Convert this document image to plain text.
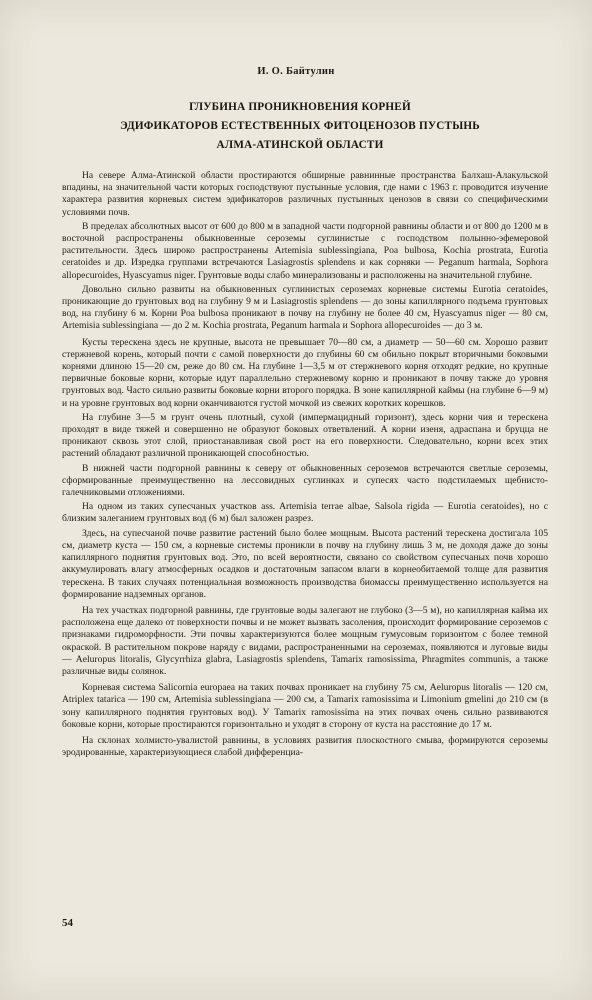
И. О. Байтулин
ГЛУБИНА ПРОНИКНОВЕНИЯ КОРНЕЙ
ЭДИФИКАТОРОВ ЕСТЕСТВЕННЫХ ФИТОЦЕНОЗОВ ПУСТЫНЬ
АЛМА-АТИНСКОЙ ОБЛАСТИ

На севере Алма-Атинской области простираются обширные равнинные пространства Балхаш-Алакульской впадины, на значительной части которых господствуют пустынные условия, где нами с 1963 г. проводится изучение характера развития корневых систем эдификаторов различных пустынных ценозов в связи со специфическими условиями почв.

В пределах абсолютных высот от 600 до 800 м в западной части подгорной равнины области и от 800 до 1200 м в восточной распространены обыкновенные сероземы суглинистые с господством полынно-эфемеровой растительности. Здесь широко распространены Artemisia sublessingiana, Poa bulbosa, Kochia prostrata, Eurotia ceratoides и др. Изредка группами встречаются Lasiagrostis splendens и как сорняки — Peganum harmala, Sophora allopecuroides, Hyascyamus niger. Грунтовые воды слабо минерализованы и расположены на значительной глубине.

Довольно сильно развиты на обыкновенных суглинистых сероземах корневые системы Eurotia ceratoides, проникающие до грунтовых вод на глубину 9 м и Lasiagrostis splendens — до зоны капиллярного подъема грунтовых вод, на глубину 6 м. Корни Poa bulbosa проникают в почву на глубину не более 40 см, Hyascyamus niger — 80 см, Artemisia sublessingiana — до 2 м. Kochia prostrata, Peganum harmala и Sophora allopecuroides — до 3 м.

Кусты терескена здесь не крупные, высота не превышает 70—80 см, а диаметр — 50—60 см. Хорошо развит стержневой корень, который почти с самой поверхности до глубины 60 см обильно покрыт вторичными боковыми корнями длиною 15—20 см, реже до 80 см. На глубине 1—3,5 м от стержневого корня отходят редкие, но крупные первичные боковые корни, которые идут параллельно стержневому корню и проникают в почву также до уровня грунтовых вод. Часто сильно развиты боковые корни второго порядка. В зоне капиллярной каймы (на глубине 6—9 м) и на уровне грунтовых вод корни оканчиваются густой мочкой из свежих коротких корешков.

На глубине 3—5 м грунт очень плотный, сухой (импермацидный горизонт), здесь корни чия и терескена проходят в виде тяжей и совершенно не образуют боковых ответвлений. А корни изеня, адраспана и бруцца не проникают сквозь этот слой, приостанавливая свой рост на его поверхности. Следовательно, корни всех этих растений обладают различной проникающей способностью.

В нижней части подгорной равнины к северу от обыкновенных сероземов встречаются светлые сероземы, сформированные преимущественно на лессовидных суглинках и супесях часто подстилаемых щебнисто-галечниковыми отложениями.

На одном из таких супесчаных участков ass. Artemisia terrae albae, Salsola rigida — Eurotia ceratoides), но с близким залеганием грунтовых вод (6 м) был заложен разрез.

Здесь, на супесчаной почве развитие растений было более мощным. Высота растений терескена достигала 105 см, диаметр куста — 150 см, а корневые системы проникли в почву на глубину лишь 3 м, не доходя даже до зоны капиллярного поднятия грунтовых вод. Это, по всей вероятности, связано со свойством супесчаных почв хорошо аккумулировать влагу атмосферных осадков и достаточным запасом влаги в корнеобитаемой толще для развития терескена. В таких случаях потенциальная возможность производства биомассы преимущественно используется на формирование надземных органов.

На тех участках подгорной равнины, где грунтовые воды залегают не глубоко (3—5 м), но капиллярная кайма их расположена еще далеко от поверхности почвы и не может вызвать засоления, происходит формирование сероземов с признаками гидроморфности. Эти почвы характеризуются более мощным гумусовым горизонтом с более темной окраской. В растительном покрове наряду с видами, распространенными на сероземах, появляются и луговые виды — Aeluropus litoralis, Glycyrrhiza glabra, Lasiagrostis splendens, Tamarix ramosissima, Phragmites communis, а также различные виды солянок.

Корневая система Salicornia europaea на таких почвах проникает на глубину 75 см, Aeluropus litoralis — 120 см, Atriplex tatarica — 190 см, Artemisia sublessingiana — 200 см, а Tamarix ramosissima и Limonium gmelini до 210 см (в зону капиллярного поднятия грунтовых вод). У Tamarix ramosissima на этих почвах очень сильно развиваются боковые корни, которые простираются горизонтально и уходят в сторону от куста на расстояние до 17 м.

На склонах холмисто-увалистой равнины, в условиях развития плоскостного смыва, формируются сероземы эродированные, характеризующиеся слабой дифференциа-

54
